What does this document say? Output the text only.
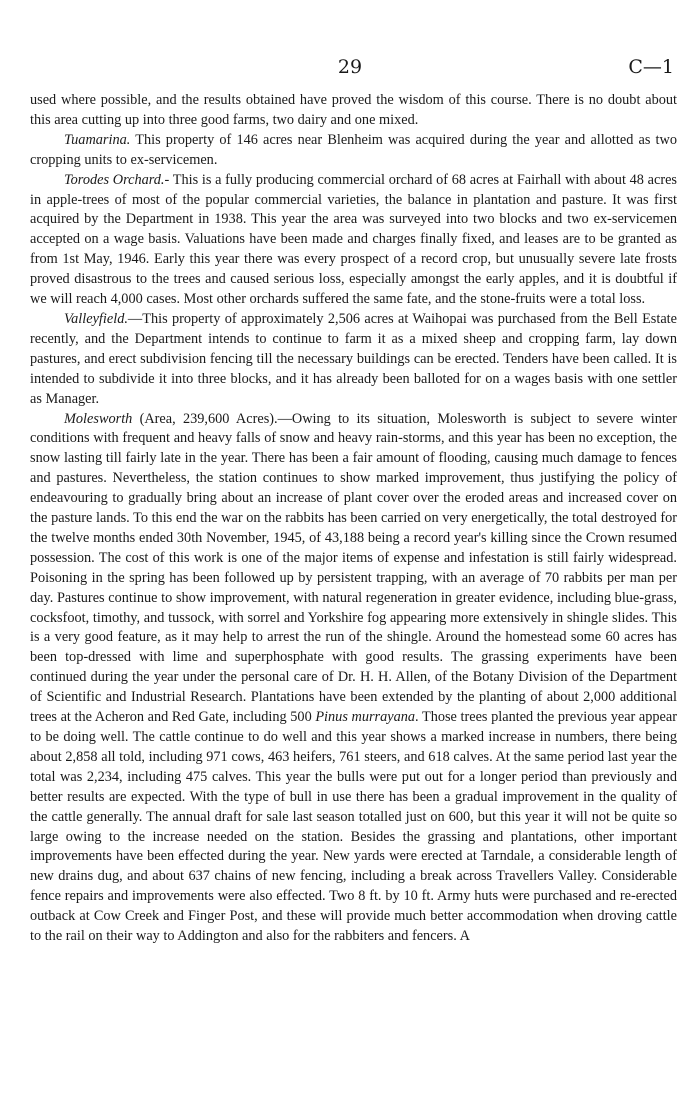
29	C—1

used where possible, and the results obtained have proved the wisdom of this course. There is no doubt about this area cutting up into three good farms, two dairy and one mixed.

Tuamarina. This property of 146 acres near Blenheim was acquired during the year and allotted as two cropping units to ex-servicemen.

Torodes Orchard.- This is a fully producing commercial orchard of 68 acres at Fairhall with about 48 acres in apple-trees of most of the popular commercial varieties, the balance in plantation and pasture. It was first acquired by the Department in 1938. This year the area was surveyed into two blocks and two ex-servicemen accepted on a wage basis. Valuations have been made and charges finally fixed, and leases are to be granted as from 1st May, 1946. Early this year there was every prospect of a record crop, but unusually severe late frosts proved disastrous to the trees and caused serious loss, especially amongst the early apples, and it is doubtful if we will reach 4,000 cases. Most other orchards suffered the same fate, and the stone-fruits were a total loss.

Valleyfield.—This property of approximately 2,506 acres at Waihopai was purchased from the Bell Estate recently, and the Department intends to continue to farm it as a mixed sheep and cropping farm, lay down pastures, and erect subdivision fencing till the necessary buildings can be erected. Tenders have been called. It is intended to subdivide it into three blocks, and it has already been balloted for on a wages basis with one settler as Manager.

Molesworth (Area, 239,600 Acres).—Owing to its situation, Molesworth is subject to severe winter conditions with frequent and heavy falls of snow and heavy rain-storms, and this year has been no exception, the snow lasting till fairly late in the year. There has been a fair amount of flooding, causing much damage to fences and pastures. Nevertheless, the station continues to show marked improvement, thus justifying the policy of endeavouring to gradually bring about an increase of plant cover over the eroded areas and increased cover on the pasture lands. To this end the war on the rabbits has been carried on very energetically, the total destroyed for the twelve months ended 30th November, 1945, of 43,188 being a record year's killing since the Crown resumed possession. The cost of this work is one of the major items of expense and infestation is still fairly widespread. Poisoning in the spring has been followed up by persistent trapping, with an average of 70 rabbits per man per day. Pastures continue to show improvement, with natural regeneration in greater evidence, including blue-grass, cocksfoot, timothy, and tussock, with sorrel and Yorkshire fog appearing more extensively in shingle slides. This is a very good feature, as it may help to arrest the run of the shingle. Around the homestead some 60 acres has been top-dressed with lime and superphosphate with good results. The grassing experiments have been continued during the year under the personal care of Dr. H. H. Allen, of the Botany Division of the Department of Scientific and Industrial Research. Plantations have been extended by the planting of about 2,000 additional trees at the Acheron and Red Gate, including 500 Pinus murrayana. Those trees planted the previous year appear to be doing well. The cattle continue to do well and this year shows a marked increase in numbers, there being about 2,858 all told, including 971 cows, 463 heifers, 761 steers, and 618 calves. At the same period last year the total was 2,234, including 475 calves. This year the bulls were put out for a longer period than previously and better results are expected. With the type of bull in use there has been a gradual improvement in the quality of the cattle generally. The annual draft for sale last season totalled just on 600, but this year it will not be quite so large owing to the increase needed on the station. Besides the grassing and plantations, other important improvements have been effected during the year. New yards were erected at Tarndale, a considerable length of new drains dug, and about 637 chains of new fencing, including a break across Travellers Valley. Considerable fence repairs and improvements were also effected. Two 8 ft. by 10 ft. Army huts were purchased and re-erected outback at Cow Creek and Finger Post, and these will provide much better accommodation when droving cattle to the rail on their way to Addington and also for the rabbiters and fencers. A
